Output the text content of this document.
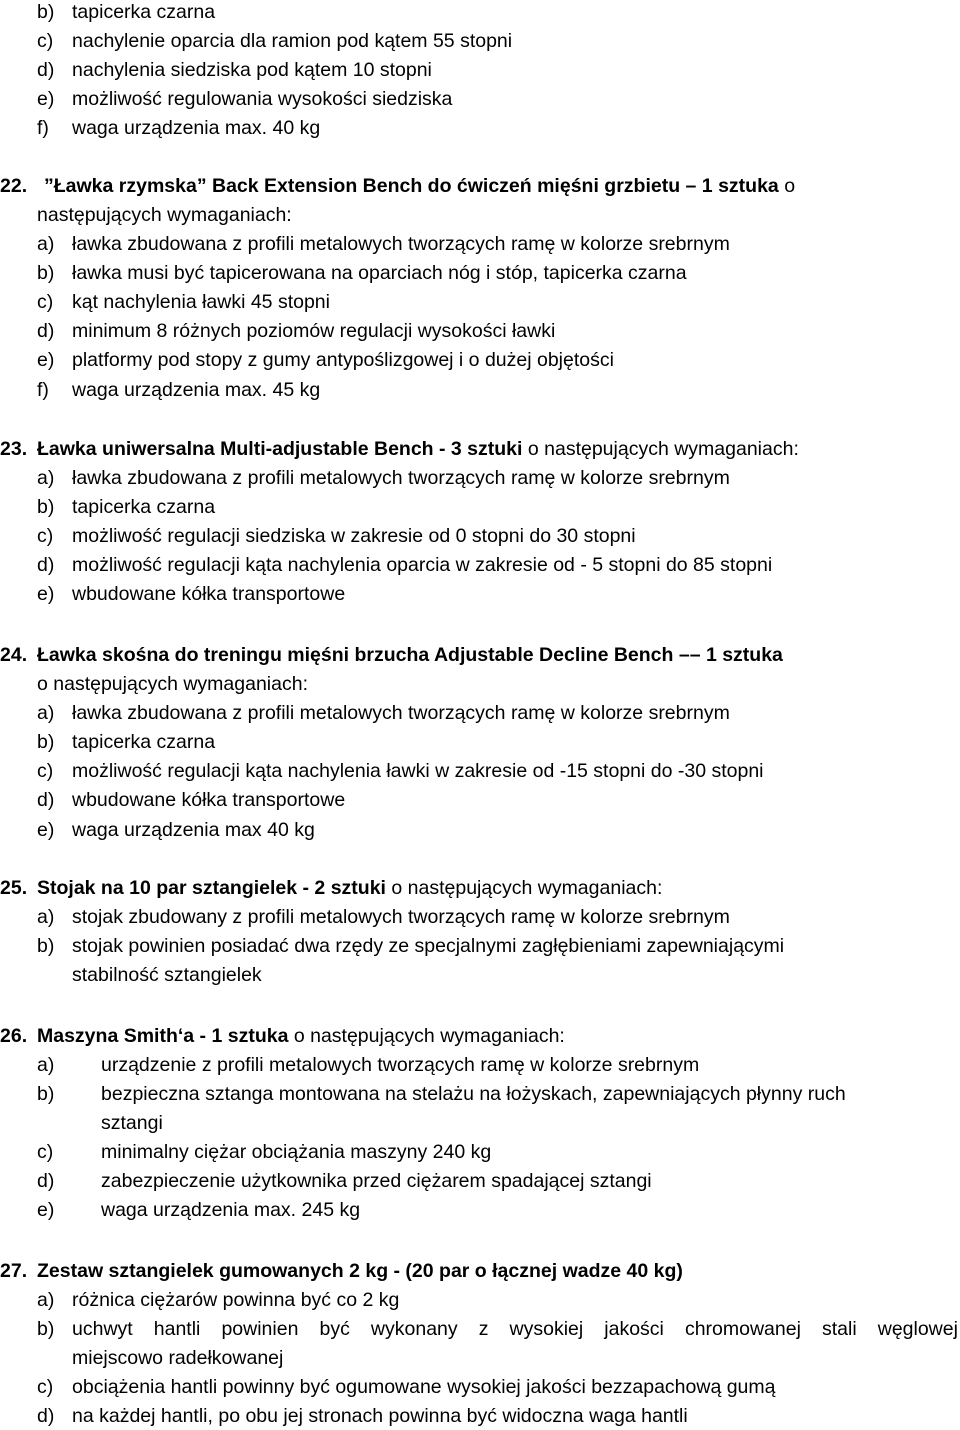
b) tapicerka czarna
c) nachylenie oparcia dla ramion pod kątem 55 stopni
d) nachylenia siedziska pod kątem 10 stopni
e) możliwość regulowania wysokości siedziska
f) waga urządzenia max. 40 kg
22. ”Ławka rzymska” Back Extension Bench do ćwiczeń mięśni grzbietu – 1 sztuka o
następujących wymaganiach:
a) ławka zbudowana z profili metalowych tworzących ramę w kolorze srebrnym
b) ławka musi być tapicerowana na oparciach nóg i stóp, tapicerka czarna
c) kąt nachylenia ławki 45 stopni
d) minimum 8 różnych poziomów regulacji wysokości ławki
e) platformy pod stopy z gumy antypoślizgowej i o dużej objętości
f) waga urządzenia max. 45 kg
23. Ławka uniwersalna Multi-adjustable Bench - 3 sztuki o następujących wymaganiach:
a) ławka zbudowana z profili metalowych tworzących ramę w kolorze srebrnym
b) tapicerka czarna
c) możliwość regulacji siedziska w zakresie od 0 stopni do 30 stopni
d) możliwość regulacji kąta nachylenia oparcia w zakresie od - 5 stopni do 85 stopni
e) wbudowane kółka transportowe
24. Ławka skośna do treningu mięśni brzucha Adjustable Decline Bench –– 1 sztuka
o następujących wymaganiach:
a) ławka zbudowana z profili metalowych tworzących ramę w kolorze srebrnym
b) tapicerka czarna
c) możliwość regulacji kąta nachylenia ławki w zakresie od -15 stopni do -30 stopni
d) wbudowane kółka transportowe
e) waga urządzenia max 40 kg
25. Stojak na 10 par sztangielek - 2 sztuki o następujących wymaganiach:
a) stojak zbudowany z profili metalowych tworzących ramę w kolorze srebrnym
b) stojak powinien posiadać dwa rzędy ze specjalnymi zagłębieniami zapewniającymi
stabilność sztangielek
26. Maszyna Smith‘a - 1 sztuka o następujących wymaganiach:
a) urządzenie z profili metalowych tworzących ramę w kolorze srebrnym
b) bezpieczna sztanga montowana na stelażu na łożyskach, zapewniających płynny ruch
sztangi
c) minimalny ciężar obciążania maszyny 240 kg
d) zabezpieczenie użytkownika przed ciężarem spadającej sztangi
e) waga urządzenia max. 245 kg
27. Zestaw sztangielek gumowanych 2 kg - (20 par o łącznej wadze 40 kg)
a) różnica ciężarów powinna być co 2 kg
b) uchwyt hantli powinien być wykonany z wysokiej jakości chromowanej stali węglowej
miejscowo radełkowanej
c) obciążenia hantli powinny być ogumowane wysokiej jakości bezzapachową gumą
d) na każdej hantli, po obu jej stronach powinna być widoczna waga hantli
